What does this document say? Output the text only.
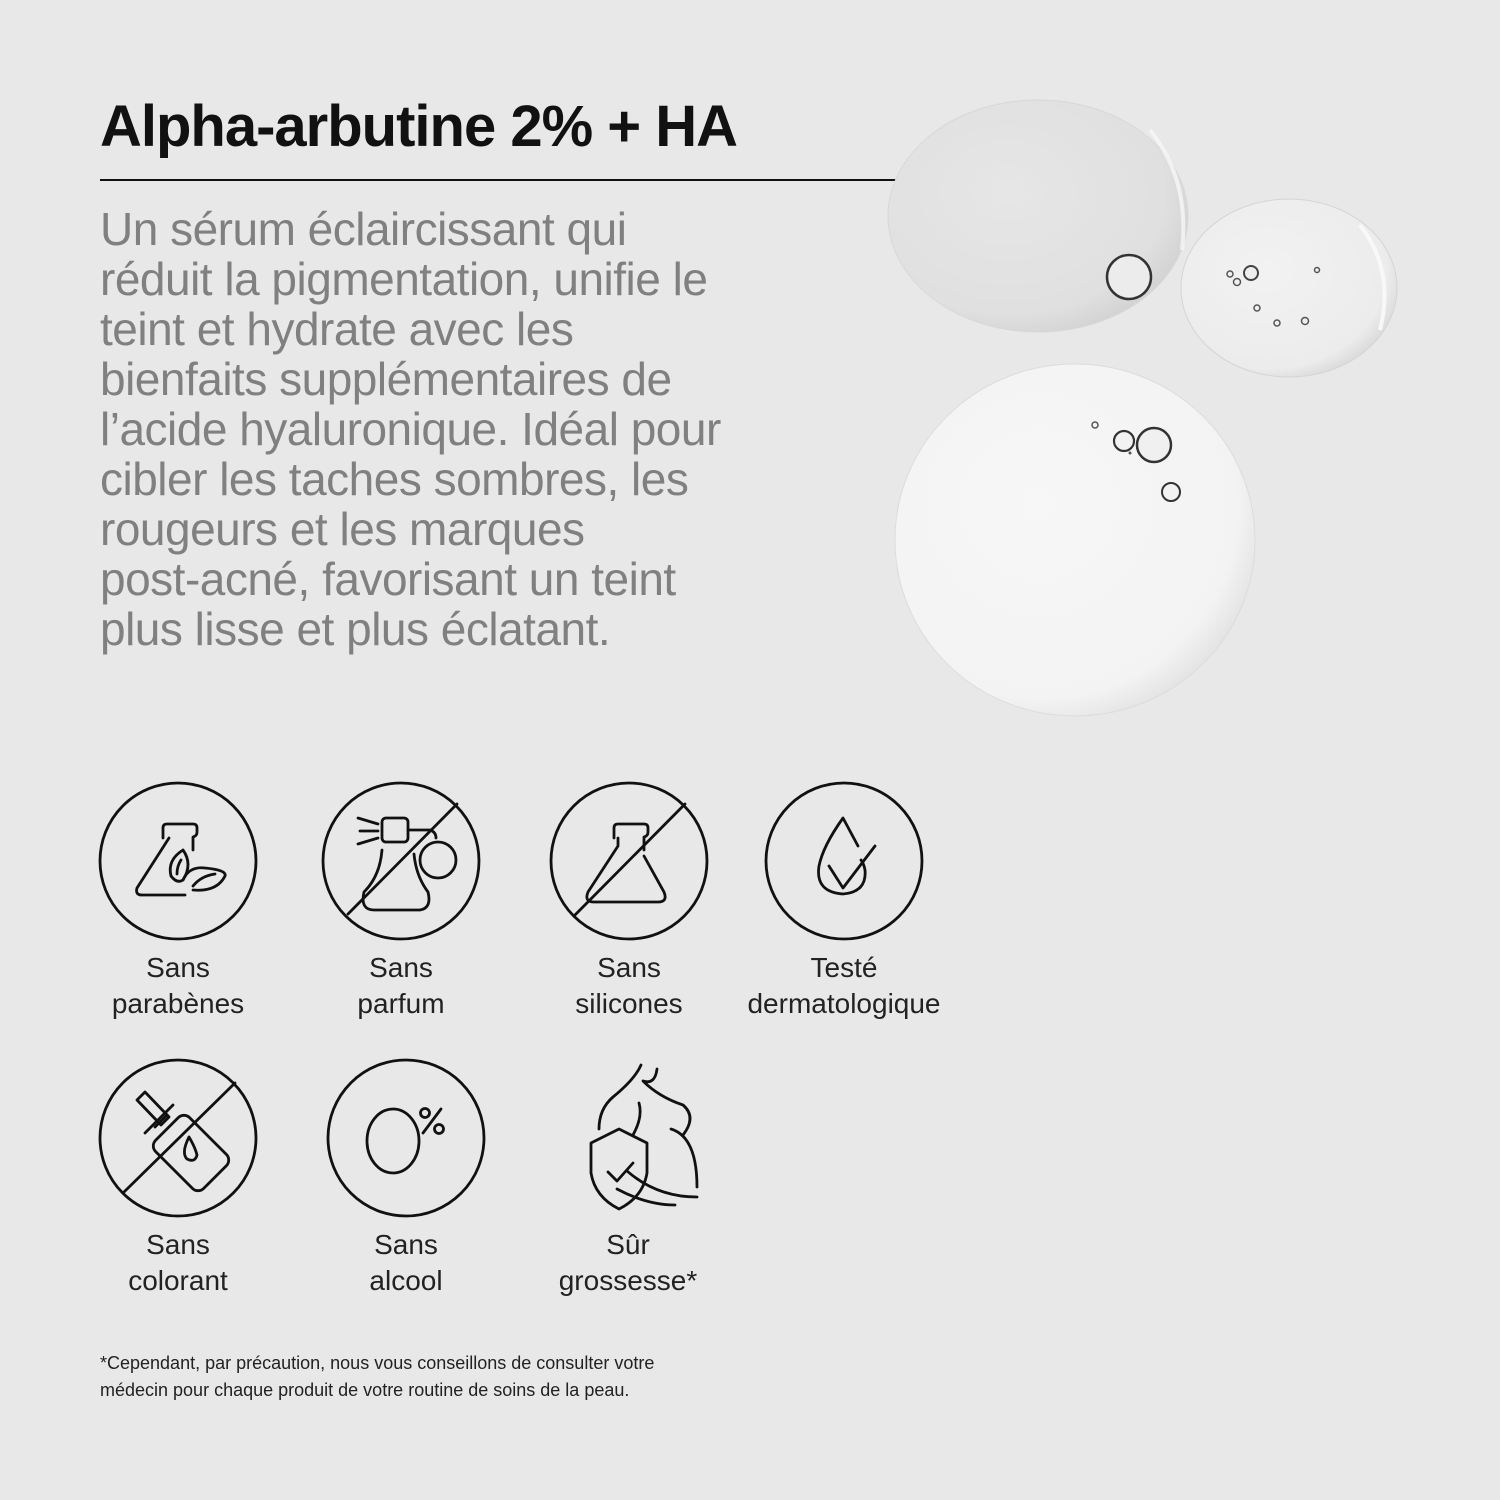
Alpha-arbutine 2% + HA

Un sérum éclaircissant qui
réduit la pigmentation, unifie le
teint et hydrate avec les
bienfaits supplémentaires de
l’acide hyaluronique. Idéal pour
cibler les taches sombres, les
rougeurs et les marques
post-acné, favorisant un teint
plus lisse et plus éclatant.

Sans
parabènes
Sans
parfum
Sans
silicones
Testé
dermatologique
Sans
colorant
Sans
alcool
Sûr
grossesse*

*Cependant, par précaution, nous vous conseillons de consulter votre
médecin pour chaque produit de votre routine de soins de la peau.
